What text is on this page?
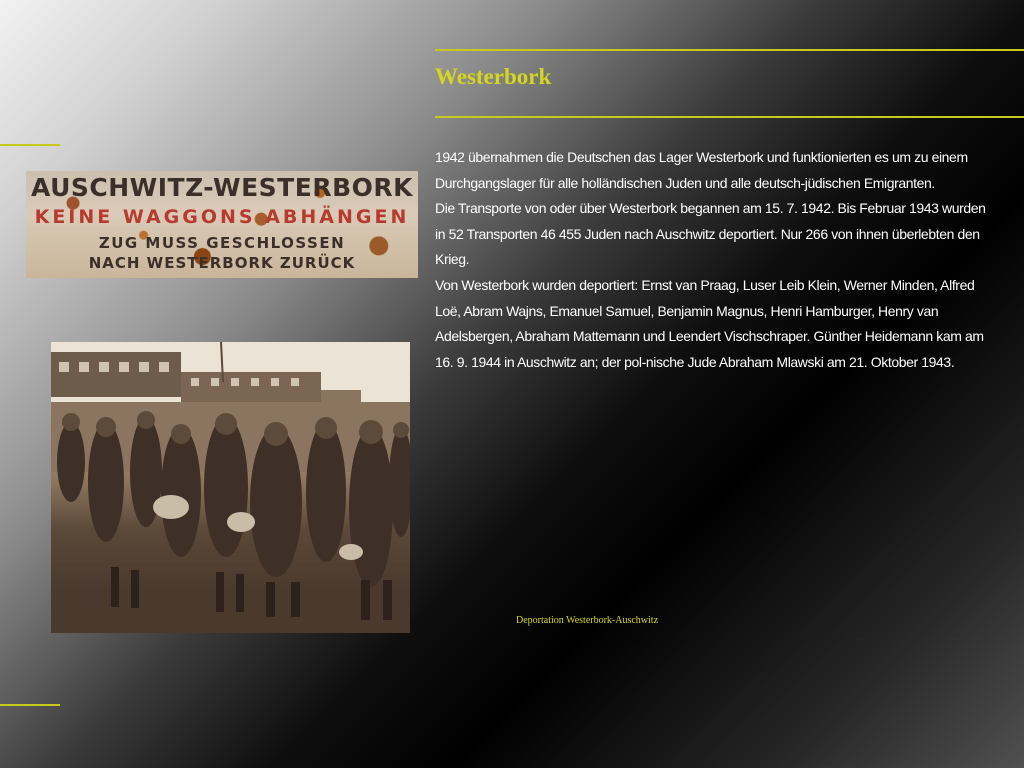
Westerbork

1942 übernahmen die Deutschen das Lager Westerbork und funktionierten es um zu einem Durchgangslager für alle holländischen Juden und alle deutsch-jüdischen Emigranten.

Die Transporte von oder über Westerbork begannen am 15. 7. 1942. Bis Februar 1943 wurden in 52 Transporten 46 455 Juden nach Auschwitz deportiert. Nur 266 von ihnen überlebten den Krieg.

Von Westerbork wurden deportiert: Ernst van Praag, Luser Leib Klein, Werner Minden, Alfred Loë, Abram Wajns, Emanuel Samuel, Benjamin Magnus, Henri Hamburger, Henry van Adelsbergen, Abraham Mattemann und Leendert Vischschraper. Günther Heidemann kam am 16. 9. 1944 in Auschwitz an; der pol-nische Jude Abraham Mlawski am 21. Oktober 1943.

AUSCHWITZ-WESTERBORK
KEINE WAGGONS ABHÄNGEN
ZUG MUSS GESCHLOSSEN
NACH WESTERBORK ZURÜCK
Deportation Westerbork-Auschwitz
